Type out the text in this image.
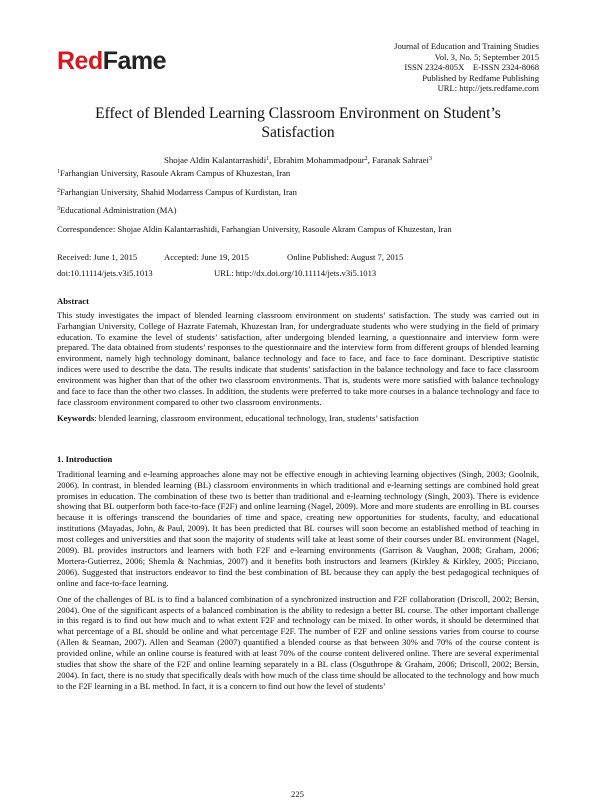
RedFame
Journal of Education and Training Studies
Vol. 3, No. 5; September 2015
ISSN 2324-805X    E-ISSN 2324-8068
Published by Redfame Publishing
URL: http://jets.redfame.com
Effect of Blended Learning Classroom Environment on Student’s Satisfaction
Shojae Aldin Kalantarrashidi$^1$, Ebrahim Mohammadpour$^2$, Faranak Sahraei$^3$
$^1$Farhangian University, Rasoule Akram Campus of Khuzestan, Iran
$^2$Farhangian University, Shahid Modarress Campus of Kurdistan, Iran
$^3$Educational Administration (MA)
Correspondence: Shojae Aldin Kalantarrashidi, Farhangian University, Rasoule Akram Campus of Khuzestan, Iran
Received: June 1, 2015	Accepted: June 19, 2015	Online Published: August 7, 2015
doi:10.11114/jets.v3i5.1013	URL: http://dx.doi.org/10.11114/jets.v3i5.1013
Abstract

This study investigates the impact of blended learning classroom environment on students’ satisfaction. The study was carried out in Farhangian University, College of Hazrate Fatemah, Khuzestan Iran, for undergraduate students who were studying in the field of primary education. To examine the level of students’ satisfaction, after undergoing blended learning, a questionnaire and interview form were prepared. The data obtained from students’ responses to the questionnaire and the interview form from different groups of blended learning environment, namely high technology dominant, balance technology and face to face, and face to face dominant. Descriptive statistic indices were used to describe the data. The results indicate that students’ satisfaction in the balance technology and face to face classroom environment was higher than that of the other two classroom environments. That is, students were more satisfied with balance technology and face to face than the other two classes. In addition, the students were preferred to take more courses in a balance technology and face to face classroom environment compared to other two classroom environments.

Keywords: blended learning, classroom environment, educational technology, Iran, students’ satisfaction
1. Introduction

Traditional learning and e-learning approaches alone may not be effective enough in achieving learning objectives (Singh, 2003; Goolnik, 2006). In contrast, in blended learning (BL) classroom environments in which traditional and e-learning settings are combined hold great promises in education. The combination of these two is better than traditional and e-learning technology (Singh, 2003). There is evidence showing that BL outperform both face-to-face (F2F) and online learning (Nagel, 2009). More and more students are enrolling in BL courses because it is offerings transcend the boundaries of time and space, creating new opportunities for students, faculty, and educational institutions (Mayadas, John, & Paul, 2009). It has been predicted that BL courses will soon become an established method of teaching in most colleges and universities and that soon the majority of students will take at least some of their courses under BL environment (Nagel, 2009). BL provides instructors and learners with both F2F and e-learning environments (Garrison & Vaughan, 2008; Graham, 2006; Mortera-Gutierrez, 2006; Shemla & Nachmias, 2007) and it benefits both instructors and learners (Kirkley & Kirkley, 2005; Picciano, 2006). Suggested that instructors endeavor to find the best combination of BL because they can apply the best pedagogical techniques of online and face-to-face learning.

One of the challenges of BL is to find a balanced combination of a synchronized instruction and F2F collaboration (Driscoll, 2002; Bersin, 2004). One of the significant aspects of a balanced combination is the ability to redesign a better BL course. The other important challenge in this regard is to find out how much and to what extent F2F and technology can be mixed. In other words, it should be determined that what percentage of a BL should be online and what percentage F2F. The number of F2F and online sessions varies from course to course (Allen & Seaman, 2007). Allen and Seaman (2007) quantified a blended course as that between 30% and 70% of the course content is provided online, while an online course is featured with at least 70% of the course content delivered online. There are several experimental studies that show the share of the F2F and online learning separately in a BL class (Osguthrope & Graham, 2006; Driscoll, 2002; Bersin, 2004). In fact, there is no study that specifically deals with how much of the class time should be allocated to the technology and how much to the F2F learning in a BL method. In fact, it is a concern to find out how the level of students’

225
